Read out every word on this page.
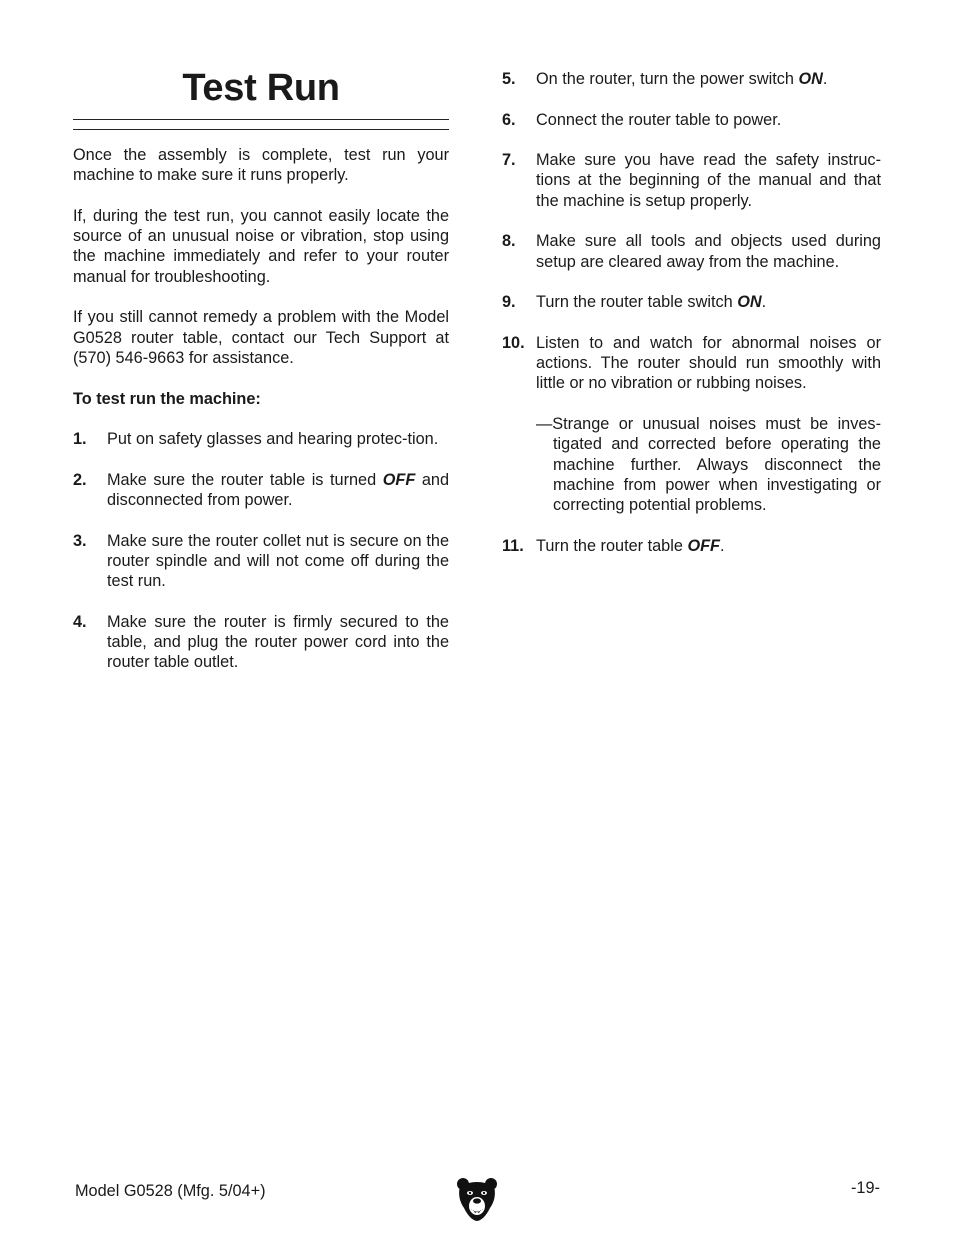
Test Run

Once the assembly is complete, test run your machine to make sure it runs properly.

If, during the test run, you cannot easily locate the source of an unusual noise or vibration, stop using the machine immediately and refer to your router manual for troubleshooting.

If you still cannot remedy a problem with the Model G0528 router table, contact our Tech Support at (570) 546-9663 for assistance.

To test run the machine:

1.	Put on safety glasses and hearing protec-tion.
2.	Make sure the router table is turned OFF and disconnected from power.
3.	Make sure the router collet nut is secure on the router spindle and will not come off during the test run.
4.	Make sure the router is firmly secured to the table, and plug the router power cord into the router table outlet.
5.	On the router, turn the power switch ON.
6.	Connect the router table to power.
7.	Make sure you have read the safety instruc-tions at the beginning of the manual and that the machine is setup properly.
8.	Make sure all tools and objects used during setup are cleared away from the machine.
9.	Turn the router table switch ON.
10. Listen to and watch for abnormal noises or actions. The router should run smoothly with little or no vibration or rubbing noises.

—Strange or unusual noises must be inves-tigated and corrected before operating the machine further. Always disconnect the machine from power when investigating or correcting potential problems.

11. Turn the router table OFF.
Model G0528 (Mfg. 5/04+)	-19-
